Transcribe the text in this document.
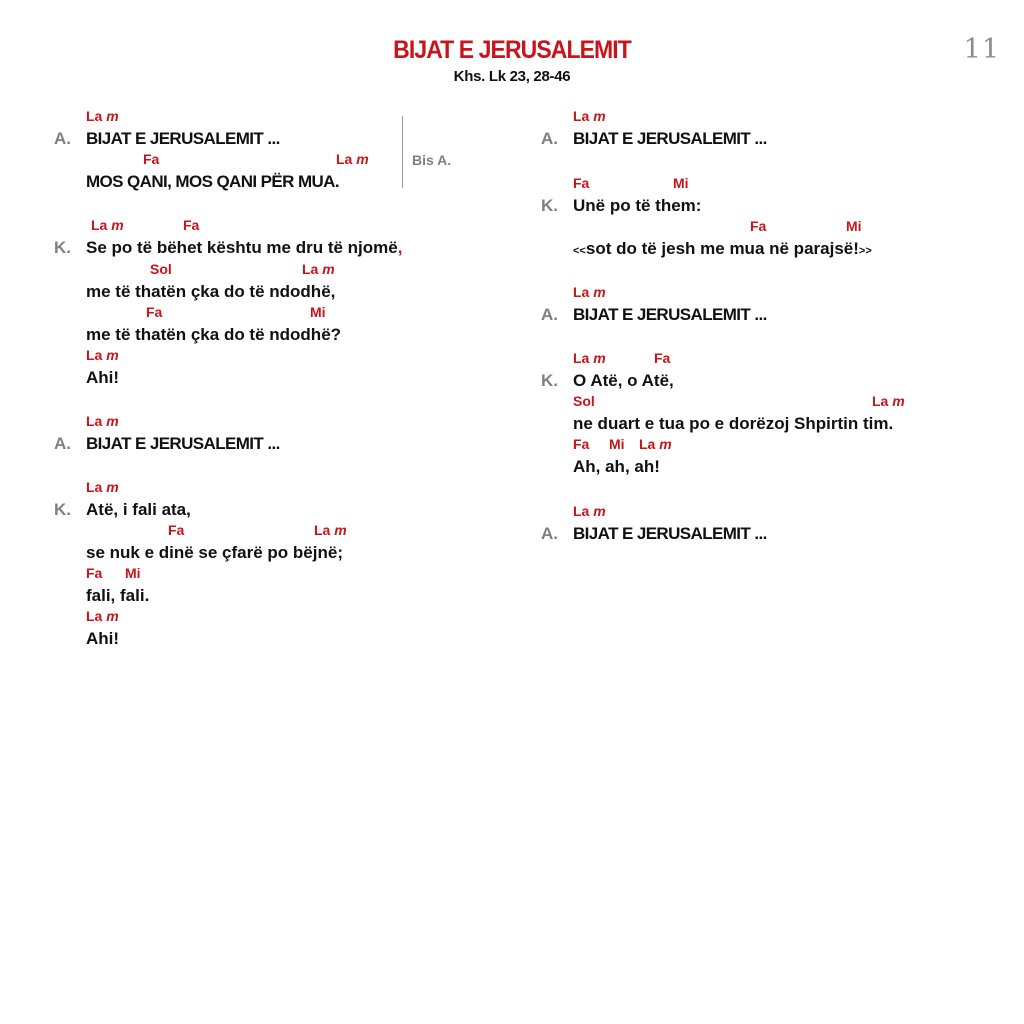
11
BIJAT E JERUSALEMIT
Khs. Lk 23, 28-46
La m
A. BIJAT E JERUSALEMIT ...
Fa	La m
MOS QANI, MOS QANI PËR MUA.
Bis A.
La m	Fa
K. Se po të bëhet kështu me dru të njomë,
Sol	La m
me të thatën çka do të ndodhë,
Fa	Mi
me të thatën çka do të ndodhë?
La m
Ahi!
La m
A. BIJAT E JERUSALEMIT ...
La m
K. Atë, i fali ata,
Fa	La m
se nuk e dinë se çfarë po bëjnë;
Fa Mi
fali, fali.
La m
Ahi!
La m
A. BIJAT E JERUSALEMIT ...
Fa	Mi
K. Unë po të them:
Fa	Mi
<<sot do të jesh me mua në parajsë!>>
La m
A. BIJAT E JERUSALEMIT ...
La m	Fa
K. O Atë, o Atë,
Sol	La m
ne duart e tua po e dorëzoj Shpirtin tim.
Fa Mi La m
Ah, ah, ah!
La m
A. BIJAT E JERUSALEMIT ...
